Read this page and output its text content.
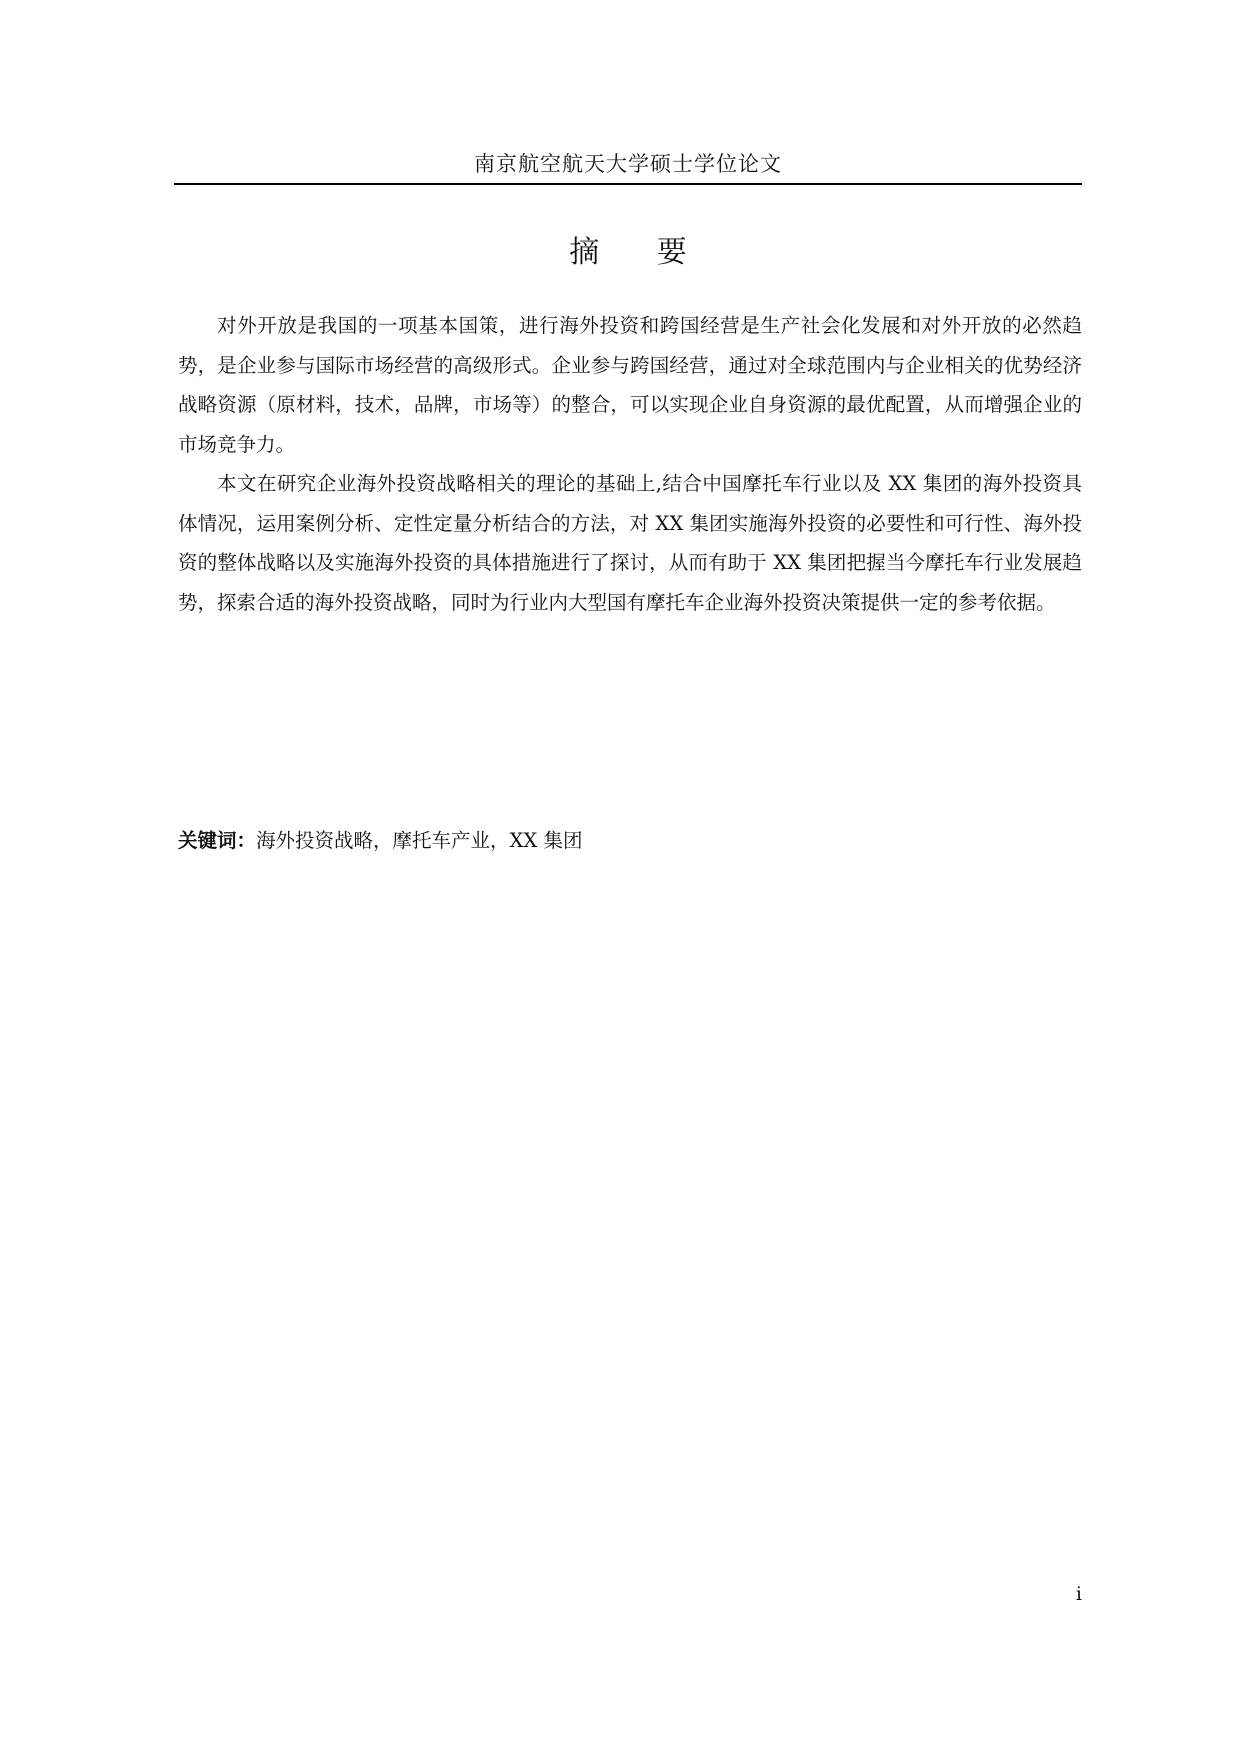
南京航空航天大学硕士学位论文
摘 要

对外开放是我国的一项基本国策，进行海外投资和跨国经营是生产社会化发展和对外开放的必然趋势，是企业参与国际市场经营的高级形式。企业参与跨国经营，通过对全球范围内与企业相关的优势经济战略资源（原材料，技术，品牌，市场等）的整合，可以实现企业自身资源的最优配置，从而增强企业的市场竞争力。

本文在研究企业海外投资战略相关的理论的基础上,结合中国摩托车行业以及 XX 集团的海外投资具体情况，运用案例分析、定性定量分析结合的方法，对 XX 集团实施海外投资的必要性和可行性、海外投资的整体战略以及实施海外投资的具体措施进行了探讨，从而有助于 XX 集团把握当今摩托车行业发展趋势，探索合适的海外投资战略，同时为行业内大型国有摩托车企业海外投资决策提供一定的参考依据。

关键词：海外投资战略，摩托车产业，XX 集团
i
